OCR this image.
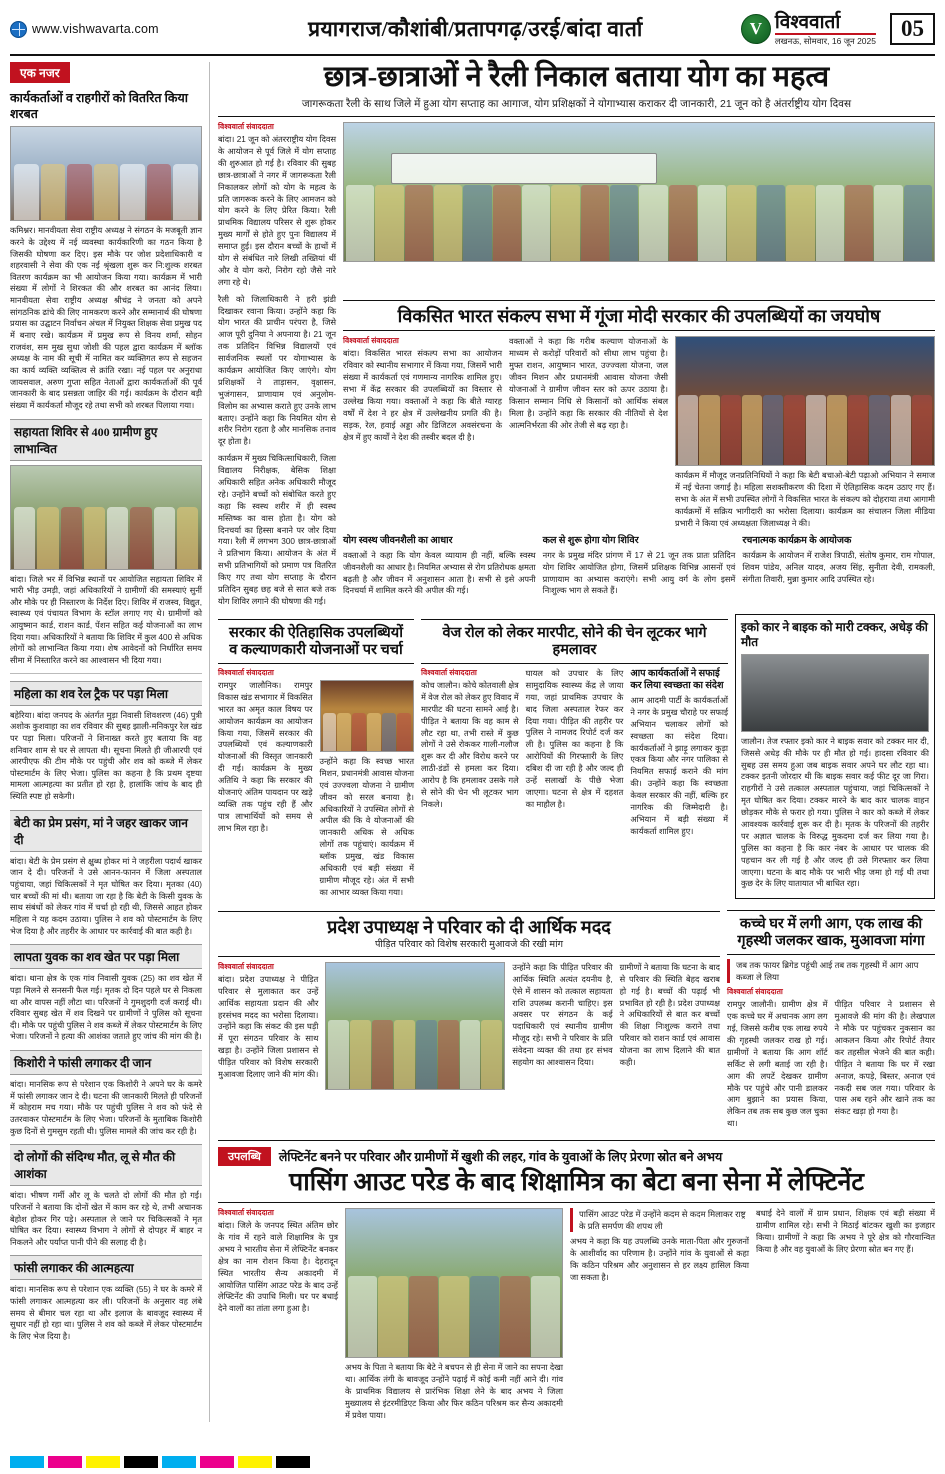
www.vishwavarta.com	प्रयागराज/कौशांबी/प्रतापगढ़/उरई/बांदा वार्ता	V विश्ववार्ता
लखनऊ, सोमवार, 16 जून 2025	05
एक नजर
कार्यकर्ताओं व राहगीरों को वितरित किया शरबत
कमिश्नर। मानवीयता सेवा राष्ट्रीय अध्यक्ष ने संगठन के मजबूती ज्ञान करने के उद्देश्य में नई व्यवस्था कार्यकारिणी का गठन किया है जिसकी घोषणा कर दिए। इस मौके पर जोश प्रदेशाधिकारी व शहरवासी ने सेवा की एक नई श्रृंखला शुरू कर नि:शुल्क शरबत वितरण कार्यक्रम का भी आयोजन किया गया। कार्यक्रम में भारी संख्या में लोगों ने शिरकत की और शरबत का आनंद लिया। मानवीयता सेवा राष्ट्रीय अध्यक्ष श्रीचंद्र ने जनता को अपने सांगठनिक ढांचे की लिए नामकरण करने और सम्मानार्थ की घोषणा प्रयास का उद्घाटन निर्वाचन अंचल में नियुक्त शिक्षक सेवा प्रमुख पद में बनाए रखे। कार्यक्रम में प्रमुख रूप से विनय शर्मा, सोहन राजवंश, सम मुख सुधा जोशी की पहल द्वारा कार्यक्रम में ब्लॉक अध्यक्ष के नाम की सूची में नामित कर व्यक्तिगत रूप से सहजन का कार्य व्यक्ति व्यक्तित्व से क्रांति रखा। नई पहल पर अनुराधा जायसवाल, अरुण गुप्ता सहित नेताओं द्वारा कार्यकर्ताओं की पूर्व जानकारी के बाद प्रसन्नता जाहिर की गई। कार्यक्रम के दौरान बड़ी संख्या में कार्यकर्ता मौजूद रहे तथा सभी को शरबत पिलाया गया।
सहायता शिविर से 400 ग्रामीण हुए लाभान्वित
बांदा। जिले भर में विभिन्न स्थानों पर आयोजित सहायता शिविर में भारी भीड़ उमड़ी, जहां अधिकारियों ने ग्रामीणों की समस्याएं सुनीं और मौके पर ही निस्तारण के निर्देश दिए। शिविर में राजस्व, विद्युत, स्वास्थ्य एवं पंचायत विभाग के स्टॉल लगाए गए थे। ग्रामीणों को आयुष्मान कार्ड, राशन कार्ड, पेंशन सहित कई योजनाओं का लाभ दिया गया। अधिकारियों ने बताया कि शिविर में कुल 400 से अधिक लोगों को लाभान्वित किया गया। शेष आवेदनों को निर्धारित समय सीमा में निस्तारित करने का आश्वासन भी दिया गया।
महिला का शव रेल ट्रैक पर पड़ा मिला
बहेरिया। बांदा जनपद के अंतर्गत मुड़ा निवासी शिवशरण (46) पुत्री अशोक कुशवाहा का शव रविवार की सुबह झाली-मनिकपुर रेल खंड पर पड़ा मिला। परिजनों ने शिनाख्त करते हुए बताया कि वह शनिवार शाम से घर से लापता थी। सूचना मिलते ही जीआरपी एवं आरपीएफ की टीम मौके पर पहुंची और शव को कब्जे में लेकर पोस्टमार्टम के लिए भेजा। पुलिस का कहना है कि प्रथम दृष्टया मामला आत्महत्या का प्रतीत हो रहा है, हालांकि जांच के बाद ही स्थिति स्पष्ट हो सकेगी।
बेटी का प्रेम प्रसंग, मां ने जहर खाकर जान दी
बांदा। बेटी के प्रेम प्रसंग से क्षुब्ध होकर मां ने जहरीला पदार्थ खाकर जान दे दी। परिजनों ने उसे आनन-फानन में जिला अस्पताल पहुंचाया, जहां चिकित्सकों ने मृत घोषित कर दिया। मृतका (40) चार बच्चों की मां थी। बताया जा रहा है कि बेटी के किसी युवक के साथ संबंधों को लेकर गांव में चर्चा हो रही थी, जिससे आहत होकर महिला ने यह कदम उठाया। पुलिस ने शव को पोस्टमार्टम के लिए भेज दिया है और तहरीर के आधार पर कार्रवाई की बात कही है।
लापता युवक का शव खेत पर पड़ा मिला
बांदा। थाना क्षेत्र के एक गांव निवासी युवक (25) का शव खेत में पड़ा मिलने से सनसनी फैल गई। मृतक दो दिन पहले घर से निकला था और वापस नहीं लौटा था। परिजनों ने गुमशुदगी दर्ज कराई थी। रविवार सुबह खेत में शव दिखने पर ग्रामीणों ने पुलिस को सूचना दी। मौके पर पहुंची पुलिस ने शव कब्जे में लेकर पोस्टमार्टम के लिए भेजा। परिजनों ने हत्या की आशंका जताते हुए जांच की मांग की है।
किशोरी ने फांसी लगाकर दी जान
बांदा। मानसिक रूप से परेशान एक किशोरी ने अपने घर के कमरे में फांसी लगाकर जान दे दी। घटना की जानकारी मिलते ही परिजनों में कोहराम मच गया। मौके पर पहुंची पुलिस ने शव को फंदे से उतरवाकर पोस्टमार्टम के लिए भेजा। परिजनों के मुताबिक किशोरी कुछ दिनों से गुमसुम रहती थी। पुलिस मामले की जांच कर रही है।
दो लोगों की संदिग्ध मौत, लू से मौत की आशंका
बांदा। भीषण गर्मी और लू के चलते दो लोगों की मौत हो गई। परिजनों ने बताया कि दोनों खेत में काम कर रहे थे, तभी अचानक बेहोश होकर गिर पड़े। अस्पताल ले जाने पर चिकित्सकों ने मृत घोषित कर दिया। स्वास्थ्य विभाग ने लोगों से दोपहर में बाहर न निकलने और पर्याप्त पानी पीने की सलाह दी है।
फांसी लगाकर की आत्महत्या
बांदा। मानसिक रूप से परेशान एक व्यक्ति (55) ने घर के कमरे में फांसी लगाकर आत्महत्या कर ली। परिजनों के अनुसार वह लंबे समय से बीमार चल रहा था और इलाज के बावजूद स्वास्थ्य में सुधार नहीं हो रहा था। पुलिस ने शव को कब्जे में लेकर पोस्टमार्टम के लिए भेज दिया है।
छात्र-छात्राओं ने रैली निकाल बताया योग का महत्व
जागरूकता रैली के साथ जिले में हुआ योग सप्ताह का आगाज, योग प्रशिक्षकों ने योगाभ्यास कराकर दी जानकारी, 21 जून को है अंतर्राष्ट्रीय योग दिवस
विश्ववार्ता संवाददाता
बांदा। 21 जून को अंतरराष्ट्रीय योग दिवस के आयोजन से पूर्व जिले में योग सप्ताह की शुरुआत हो गई है। रविवार की सुबह छात्र-छात्राओं ने नगर में जागरूकता रैली निकालकर लोगों को योग के महत्व के प्रति जागरूक करने के लिए आमजन को योग करने के लिए प्रेरित किया। रैली प्राथमिक विद्यालय परिसर से शुरू होकर मुख्य मार्गों से होते हुए पुनः विद्यालय में समाप्त हुई। इस दौरान बच्चों के हाथों में योग से संबंधित नारे लिखी तख्तियां थीं और वे योग करो, निरोग रहो जैसे नारे लगा रहे थे।
रैली को जिलाधिकारी ने हरी झंडी दिखाकर रवाना किया। उन्होंने कहा कि योग भारत की प्राचीन परंपरा है, जिसे आज पूरी दुनिया ने अपनाया है। 21 जून तक प्रतिदिन विभिन्न विद्यालयों एवं सार्वजनिक स्थलों पर योगाभ्यास के कार्यक्रम आयोजित किए जाएंगे। योग प्रशिक्षकों ने ताड़ासन, वृक्षासन, भुजंगासन, प्राणायाम एवं अनुलोम-विलोम का अभ्यास कराते हुए उनके लाभ बताए। उन्होंने कहा कि नियमित योग से शरीर निरोग रहता है और मानसिक तनाव दूर होता है।
कार्यक्रम में मुख्य चिकित्साधिकारी, जिला विद्यालय निरीक्षक, बेसिक शिक्षा अधिकारी सहित अनेक अधिकारी मौजूद रहे। उन्होंने बच्चों को संबोधित करते हुए कहा कि स्वस्थ शरीर में ही स्वस्थ मस्तिष्क का वास होता है। योग को दिनचर्या का हिस्सा बनाने पर जोर दिया गया। रैली में लगभग 300 छात्र-छात्राओं ने प्रतिभाग किया। आयोजन के अंत में सभी प्रतिभागियों को प्रमाण पत्र वितरित किए गए तथा योग सप्ताह के दौरान प्रतिदिन सुबह छह बजे से सात बजे तक योग शिविर लगाने की घोषणा की गई।
विकसित भारत संकल्प सभा में गूंजा मोदी सरकार की उपलब्धियों का जयघोष
विश्ववार्ता संवाददाता
बांदा। विकसित भारत संकल्प सभा का आयोजन रविवार को स्थानीय सभागार में किया गया, जिसमें भारी संख्या में कार्यकर्ता एवं गणमान्य नागरिक शामिल हुए। सभा में केंद्र सरकार की उपलब्धियों का विस्तार से उल्लेख किया गया। वक्ताओं ने कहा कि बीते ग्यारह वर्षों में देश ने हर क्षेत्र में उल्लेखनीय प्रगति की है। सड़क, रेल, हवाई अड्डा और डिजिटल अवसंरचना के क्षेत्र में हुए कार्यों ने देश की तस्वीर बदल दी है।
वक्ताओं ने कहा कि गरीब कल्याण योजनाओं के माध्यम से करोड़ों परिवारों को सीधा लाभ पहुंचा है। मुफ्त राशन, आयुष्मान भारत, उज्ज्वला योजना, जल जीवन मिशन और प्रधानमंत्री आवास योजना जैसी योजनाओं ने ग्रामीण जीवन स्तर को ऊपर उठाया है। किसान सम्मान निधि से किसानों को आर्थिक संबल मिला है। उन्होंने कहा कि सरकार की नीतियों से देश आत्मनिर्भरता की ओर तेजी से बढ़ रहा है।
कार्यक्रम में मौजूद जनप्रतिनिधियों ने कहा कि बेटी बचाओ-बेटी पढ़ाओ अभियान ने समाज में नई चेतना जगाई है। महिला सशक्तीकरण की दिशा में ऐतिहासिक कदम उठाए गए हैं। सभा के अंत में सभी उपस्थित लोगों ने विकसित भारत के संकल्प को दोहराया तथा आगामी कार्यक्रमों में सक्रिय भागीदारी का भरोसा दिलाया। कार्यक्रम का संचालन जिला मीडिया प्रभारी ने किया एवं अध्यक्षता जिलाध्यक्ष ने की।
योग स्वस्थ जीवनशैली का आधार
वक्ताओं ने कहा कि योग केवल व्यायाम ही नहीं, बल्कि स्वस्थ जीवनशैली का आधार है। नियमित अभ्यास से रोग प्रतिरोधक क्षमता बढ़ती है और जीवन में अनुशासन आता है। सभी से इसे अपनी दिनचर्या में शामिल करने की अपील की गई।
कल से शुरू होगा योग शिविर
नगर के प्रमुख मंदिर प्रांगण में 17 से 21 जून तक प्रातः प्रतिदिन योग शिविर आयोजित होगा, जिसमें प्रशिक्षक विभिन्न आसनों एवं प्राणायाम का अभ्यास कराएंगे। सभी आयु वर्ग के लोग इसमें निःशुल्क भाग ले सकते हैं।
रचनात्मक कार्यक्रम के आयोजक
कार्यक्रम के आयोजन में राजेश त्रिपाठी, संतोष कुमार, राम गोपाल, शिवम पांडेय, अनिल यादव, अजय सिंह, सुनीता देवी, रामकली, संगीता तिवारी, मुन्ना कुमार आदि उपस्थित रहे।
सरकार की ऐतिहासिक उपलब्धियों
व कल्याणकारी योजनाओं पर चर्चा
विश्ववार्ता संवाददाता
रामपुर जालौनिक। रामपुर विकास खंड सभागार में विकसित भारत का अमृत काल विषय पर आयोजन कार्यक्रम का आयोजन किया गया, जिसमें सरकार की उपलब्धियों एवं कल्याणकारी योजनाओं की विस्तृत जानकारी दी गई। कार्यक्रम के मुख्य अतिथि ने कहा कि सरकार की योजनाएं अंतिम पायदान पर खड़े व्यक्ति तक पहुंच रही हैं और पात्र लाभार्थियों को समय से लाभ मिल रहा है।
उन्होंने कहा कि स्वच्छ भारत मिशन, प्रधानमंत्री आवास योजना एवं उज्ज्वला योजना ने ग्रामीण जीवन को सरल बनाया है। अधिकारियों ने उपस्थित लोगों से अपील की कि वे योजनाओं की जानकारी अधिक से अधिक लोगों तक पहुंचाएं। कार्यक्रम में ब्लॉक प्रमुख, खंड विकास अधिकारी एवं बड़ी संख्या में ग्रामीण मौजूद रहे। अंत में सभी का आभार व्यक्त किया गया।
वेज रोल को लेकर मारपीट, सोने की चेन लूटकर भागे हमलावर
विश्ववार्ता संवाददाता
कोच जालौन। कोचे कोतवाली क्षेत्र में वेज रोल को लेकर हुए विवाद में मारपीट की घटना सामने आई है। पीड़ित ने बताया कि वह काम से लौट रहा था, तभी रास्ते में कुछ लोगों ने उसे रोककर गाली-गलौज शुरू कर दी और विरोध करने पर लाठी-डंडों से हमला कर दिया। आरोप है कि हमलावर उसके गले से सोने की चेन भी लूटकर भाग निकले।
घायल को उपचार के लिए सामुदायिक स्वास्थ्य केंद्र ले जाया गया, जहां प्राथमिक उपचार के बाद जिला अस्पताल रेफर कर दिया गया। पीड़ित की तहरीर पर पुलिस ने नामजद रिपोर्ट दर्ज कर ली है। पुलिस का कहना है कि आरोपियों की गिरफ्तारी के लिए दबिश दी जा रही है और जल्द ही उन्हें सलाखों के पीछे भेजा जाएगा। घटना से क्षेत्र में दहशत का माहौल है।
आप कार्यकर्ताओं ने सफाई कर लिया स्वच्छता का संदेश
आम आदमी पार्टी के कार्यकर्ताओं ने नगर के प्रमुख चौराहे पर सफाई अभियान चलाकर लोगों को स्वच्छता का संदेश दिया। कार्यकर्ताओं ने झाड़ू लगाकर कूड़ा एकत्र किया और नगर पालिका से नियमित सफाई कराने की मांग की। उन्होंने कहा कि स्वच्छता केवल सरकार की नहीं, बल्कि हर नागरिक की जिम्मेदारी है। अभियान में बड़ी संख्या में कार्यकर्ता शामिल हुए।
इको कार ने बाइक को मारी टक्कर, अधेड़ की मौत
जालौन। तेज रफ्तार इको कार ने बाइक सवार को टक्कर मार दी, जिससे अधेड़ की मौके पर ही मौत हो गई। हादसा रविवार की सुबह उस समय हुआ जब बाइक सवार अपने घर लौट रहा था। टक्कर इतनी जोरदार थी कि बाइक सवार कई फीट दूर जा गिरा। राहगीरों ने उसे तत्काल अस्पताल पहुंचाया, जहां चिकित्सकों ने मृत घोषित कर दिया। टक्कर मारने के बाद कार चालक वाहन छोड़कर मौके से फरार हो गया। पुलिस ने कार को कब्जे में लेकर आवश्यक कार्रवाई शुरू कर दी है। मृतक के परिजनों की तहरीर पर अज्ञात चालक के विरुद्ध मुकदमा दर्ज कर लिया गया है। पुलिस का कहना है कि कार नंबर के आधार पर चालक की पहचान कर ली गई है और जल्द ही उसे गिरफ्तार कर लिया जाएगा। घटना के बाद मौके पर भारी भीड़ जमा हो गई थी तथा कुछ देर के लिए यातायात भी बाधित रहा।
प्रदेश उपाध्यक्ष ने परिवार को दी आर्थिक मदद
पीड़ित परिवार को विशेष सरकारी मुआवजे की रखी मांग
विश्ववार्ता संवाददाता
बांदा। प्रदेश उपाध्यक्ष ने पीड़ित परिवार से मुलाकात कर उन्हें आर्थिक सहायता प्रदान की और हरसंभव मदद का भरोसा दिलाया। उन्होंने कहा कि संकट की इस घड़ी में पूरा संगठन परिवार के साथ खड़ा है। उन्होंने जिला प्रशासन से पीड़ित परिवार को विशेष सरकारी मुआवजा दिलाए जाने की मांग की।
उन्होंने कहा कि पीड़ित परिवार की आर्थिक स्थिति अत्यंत दयनीय है, ऐसे में शासन को तत्काल सहायता राशि उपलब्ध करानी चाहिए। इस अवसर पर संगठन के कई पदाधिकारी एवं स्थानीय ग्रामीण मौजूद रहे। सभी ने परिवार के प्रति संवेदना व्यक्त की तथा हर संभव सहयोग का आश्वासन दिया।
ग्रामीणों ने बताया कि घटना के बाद से परिवार की स्थिति बेहद खराब हो गई है। बच्चों की पढ़ाई भी प्रभावित हो रही है। प्रदेश उपाध्यक्ष ने अधिकारियों से बात कर बच्चों की शिक्षा निःशुल्क कराने तथा परिवार को राशन कार्ड एवं आवास योजना का लाभ दिलाने की बात कही।
कच्चे घर में लगी आग, एक लाख की
गृहस्थी जलकर खाक, मुआवजा मांगा
जब तक फायर ब्रिगेड पहुंची आई तब तक गृहस्थी में आग आप कब्जा ले लिया
विश्ववार्ता संवाददाता
रामपुर जालौनी। ग्रामीण क्षेत्र में एक कच्चे घर में अचानक आग लग गई, जिससे करीब एक लाख रुपये की गृहस्थी जलकर राख हो गई। ग्रामीणों ने बताया कि आग शॉर्ट सर्किट से लगी बताई जा रही है। आग की लपटें देखकर ग्रामीण मौके पर पहुंचे और पानी डालकर आग बुझाने का प्रयास किया, लेकिन तब तक सब कुछ जल चुका था।
पीड़ित परिवार ने प्रशासन से मुआवजे की मांग की है। लेखपाल ने मौके पर पहुंचकर नुकसान का आकलन किया और रिपोर्ट तैयार कर तहसील भेजने की बात कही। पीड़ित ने बताया कि घर में रखा अनाज, कपड़े, बिस्तर, अनाज एवं नकदी सब जल गया। परिवार के पास अब रहने और खाने तक का संकट खड़ा हो गया है।
उपलब्धि	लेफ्टिनेंट बनने पर परिवार और ग्रामीणों में खुशी की लहर, गांव के युवाओं के लिए प्रेरणा स्रोत बने अभय
पासिंग आउट परेड के बाद शिक्षामित्र का बेटा बना सेना में लेफ्टिनेंट
विश्ववार्ता संवाददाता
बांदा। जिले के जनपद स्थित अंतिम छोर के गांव में रहने वाले शिक्षामित्र के पुत्र अभय ने भारतीय सेना में लेफ्टिनेंट बनकर क्षेत्र का नाम रोशन किया है। देहरादून स्थित भारतीय सैन्य अकादमी में आयोजित पासिंग आउट परेड के बाद उन्हें लेफ्टिनेंट की उपाधि मिली। घर पर बधाई देने वालों का तांता लगा हुआ है।
अभय के पिता ने बताया कि बेटे ने बचपन से ही सेना में जाने का सपना देखा था। आर्थिक तंगी के बावजूद उन्होंने पढ़ाई में कोई कमी नहीं आने दी। गांव के प्राथमिक विद्यालय से प्रारंभिक शिक्षा लेने के बाद अभय ने जिला मुख्यालय से इंटरमीडिएट किया और फिर कठिन परिश्रम कर सैन्य अकादमी में प्रवेश पाया।
पासिंग आउट परेड में उन्होंने कदम से कदम मिलाकर राष्ट्र के प्रति समर्पण की शपथ ली
अभय ने कहा कि यह उपलब्धि उनके माता-पिता और गुरुजनों के आशीर्वाद का परिणाम है। उन्होंने गांव के युवाओं से कहा कि कठिन परिश्रम और अनुशासन से हर लक्ष्य हासिल किया जा सकता है।
बधाई देने वालों में ग्राम प्रधान, शिक्षक एवं बड़ी संख्या में ग्रामीण शामिल रहे। सभी ने मिठाई बांटकर खुशी का इजहार किया। ग्रामीणों ने कहा कि अभय ने पूरे क्षेत्र को गौरवान्वित किया है और वह युवाओं के लिए प्रेरणा स्रोत बन गए हैं।
